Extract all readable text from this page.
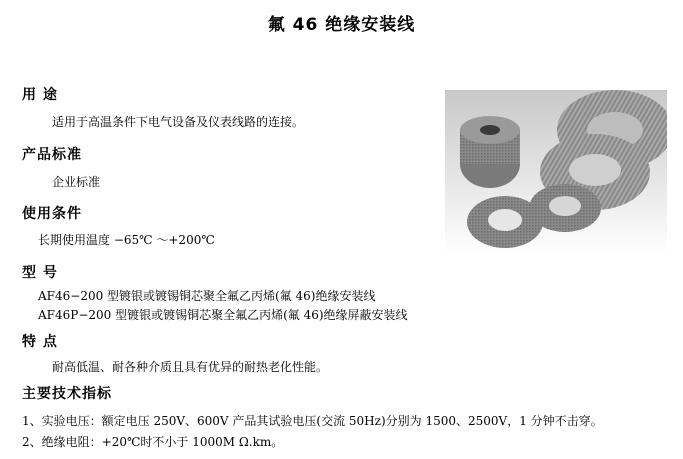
氟 46 绝缘安装线
用 途
适用于高温条件下电气设备及仪表线路的连接。
产品标准
企业标准
使用条件
长期使用温度 −65℃ ～+200℃
型 号
AF46−200 型镀银或镀锡铜芯聚全氟乙丙烯(氟 46)绝缘安装线
AF46P−200 型镀银或镀锡铜芯聚全氟乙丙烯(氟 46)绝缘屏蔽安装线
特 点
耐高低温、耐各种介质且具有优异的耐热老化性能。
主要技术指标
1、实验电压：额定电压 250V、600V 产品其试验电压(交流 50Hz)分别为 1500、2500V，1 分钟不击穿。
2、绝缘电阻：+20℃时不小于 1000M Ω.km。
